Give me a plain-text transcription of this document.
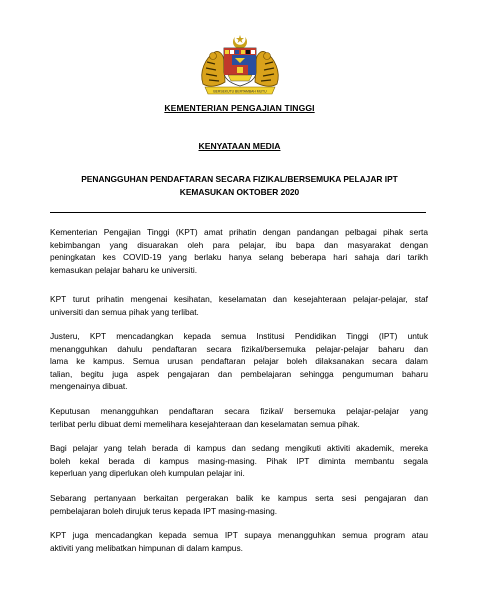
BERSEKUTU BERTAMBAH MUTU
KEMENTERIAN PENGAJIAN TINGGI
KENYATAAN MEDIA
PENANGGUHAN PENDAFTARAN SECARA FIZIKAL/BERSEMUKA PELAJAR IPT
KEMASUKAN OKTOBER 2020
Kementerian Pengajian Tinggi (KPT) amat prihatin dengan pandangan pelbagai pihak serta
kebimbangan yang disuarakan oleh para pelajar, ibu bapa dan masyarakat dengan
peningkatan kes COVID-19 yang berlaku hanya selang beberapa hari sahaja dari tarikh
kemasukan pelajar baharu ke universiti.
KPT turut prihatin mengenai kesihatan, keselamatan dan kesejahteraan pelajar-pelajar, staf
universiti dan semua pihak yang terlibat.
Justeru, KPT mencadangkan kepada semua Institusi Pendidikan Tinggi (IPT) untuk
menangguhkan dahulu pendaftaran secara fizikal/bersemuka pelajar-pelajar baharu dan
lama ke kampus. Semua urusan pendaftaran pelajar boleh dilaksanakan secara dalam
talian, begitu juga aspek pengajaran dan pembelajaran sehingga pengumuman baharu
mengenainya dibuat.
Keputusan menangguhkan pendaftaran secara fizikal/ bersemuka pelajar-pelajar yang
terlibat perlu dibuat demi memelihara kesejahteraan dan keselamatan semua pihak.
Bagi pelajar yang telah berada di kampus dan sedang mengikuti aktiviti akademik, mereka
boleh kekal berada di kampus masing-masing. Pihak IPT diminta membantu segala
keperluan yang diperlukan oleh kumpulan pelajar ini.
Sebarang pertanyaan berkaitan pergerakan balik ke kampus serta sesi pengajaran dan
pembelajaran boleh dirujuk terus kepada IPT masing-masing.
KPT juga mencadangkan kepada semua IPT supaya menangguhkan semua program atau
aktiviti yang melibatkan himpunan di dalam kampus.
